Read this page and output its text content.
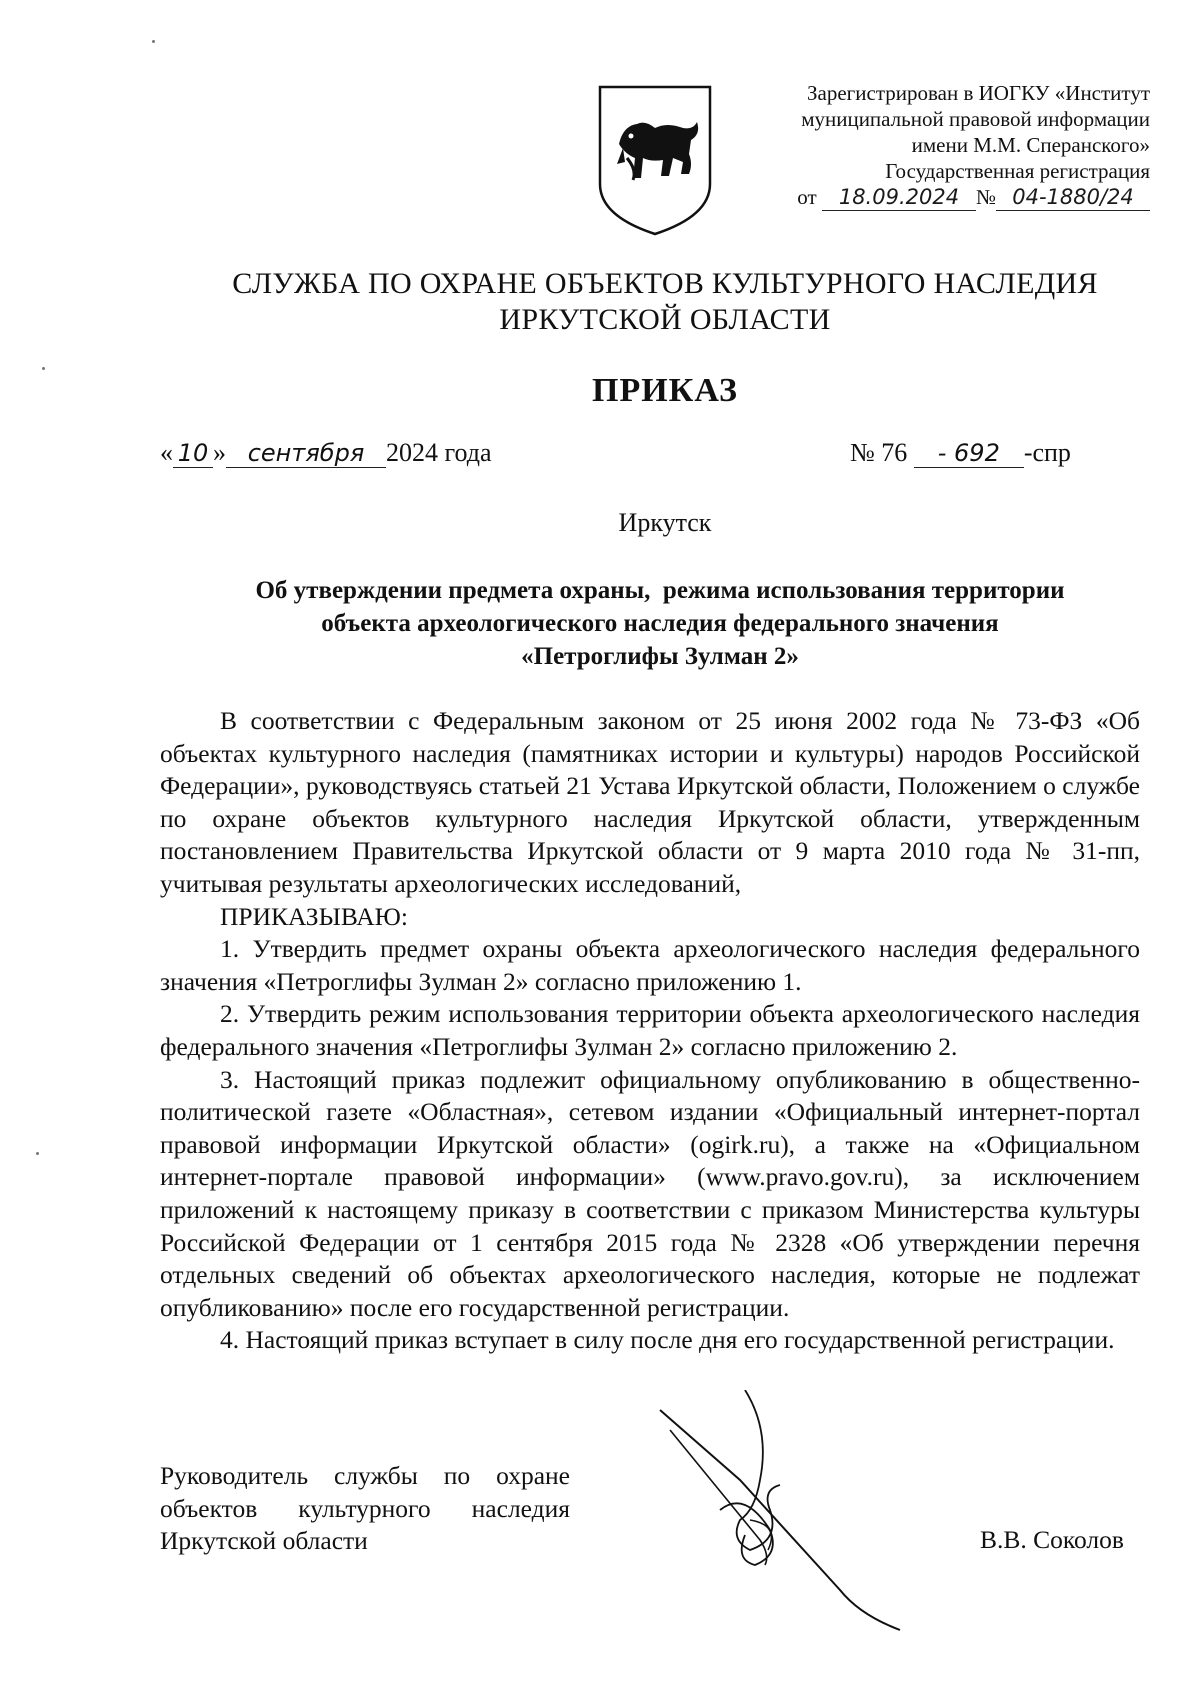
Зарегистрирован в ИОГКУ «Институт
муниципальной правовой информации
имени М.М. Сперанского»
Государственная регистрация
от 18.09.2024 № 04-1880/24
СЛУЖБА ПО ОХРАНЕ ОБЪЕКТОВ КУЛЬТУРНОГО НАСЛЕДИЯ
ИРКУТСКОЙ ОБЛАСТИ
ПРИКАЗ
« 10 » сентября 2024 года	№ 76 - 692 -спр
Иркутск
Об утверждении предмета охраны,  режима использования территории
объекта археологического наследия федерального значения
«Петроглифы Зулман 2»

В соответствии с Федеральным законом от 25 июня 2002 года № 73-ФЗ «Об объектах культурного наследия (памятниках истории и культуры) народов Российской Федерации», руководствуясь статьей 21 Устава Иркутской области, Положением о службе по охране объектов культурного наследия Иркутской области, утвержденным постановлением Правительства Иркутской области от 9 марта 2010 года № 31-пп, учитывая результаты археологических исследований,

ПРИКАЗЫВАЮ:

1. Утвердить предмет охраны объекта археологического наследия федерального значения «Петроглифы Зулман 2» согласно приложению 1.

2. Утвердить режим использования территории объекта археологического наследия федерального значения «Петроглифы Зулман 2» согласно приложению 2.

3. Настоящий приказ подлежит официальному опубликованию в общественно-политической газете «Областная», сетевом издании «Официальный интернет-портал правовой информации Иркутской области» (ogirk.ru), а также на «Официальном интернет-портале правовой информации» (www.pravo.gov.ru), за исключением приложений к настоящему приказу в соответствии с приказом Министерства культуры Российской Федерации от 1 сентября 2015 года № 2328 «Об утверждении перечня отдельных сведений об объектах археологического наследия, которые не подлежат опубликованию» после его государственной регистрации.

4. Настоящий приказ вступает в силу после дня его государственной регистрации.

Руководитель службы по охране
объектов культурного наследия
Иркутской области	В.В. Соколов
